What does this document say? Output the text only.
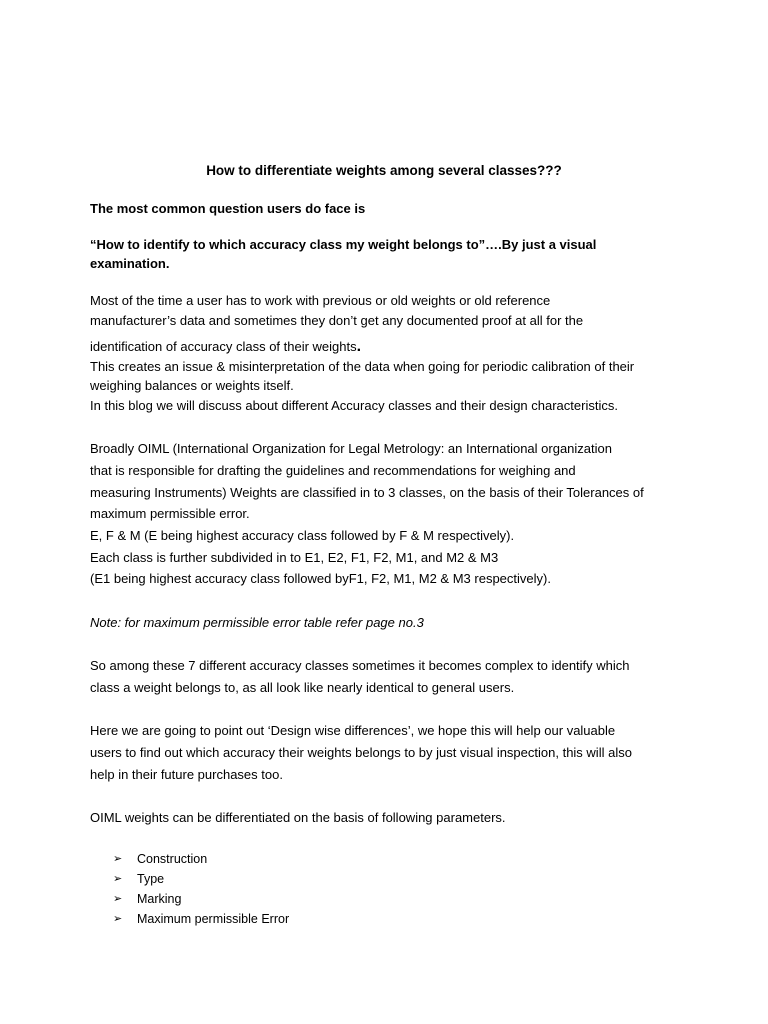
How to differentiate weights among several classes???
The most common question users do face is
“How to identify to which accuracy class my weight belongs to”….By just a visual
examination.
Most of the time a user has to work with previous or old weights or old reference
manufacturer’s data and sometimes they don’t get any documented proof at all for the
identification of accuracy class of their weights.
This creates an issue & misinterpretation of the data when going for periodic calibration of their
weighing balances or weights itself.
In this blog we will discuss about different Accuracy classes and their design characteristics.
Broadly OIML (International Organization for Legal Metrology: an International organization
that is responsible for drafting the guidelines and recommendations for weighing and
measuring Instruments) Weights are classified in to 3 classes, on the basis of their Tolerances of
maximum permissible error.
E, F & M (E being highest accuracy class followed by F & M respectively).
Each class is further subdivided in to E1, E2, F1, F2, M1, and M2 & M3
(E1 being highest accuracy class followed byF1, F2, M1, M2 & M3 respectively).
Note: for maximum permissible error table refer page no.3
So among these 7 different accuracy classes sometimes it becomes complex to identify which
class a weight belongs to, as all look like nearly identical to general users.
Here we are going to point out ‘Design wise differences’, we hope this will help our valuable
users to find out which accuracy their weights belongs to by just visual inspection, this will also
help in their future purchases too.
OIML weights can be differentiated on the basis of following parameters.
➢	Construction
➢	Type
➢	Marking
➢	Maximum permissible Error
